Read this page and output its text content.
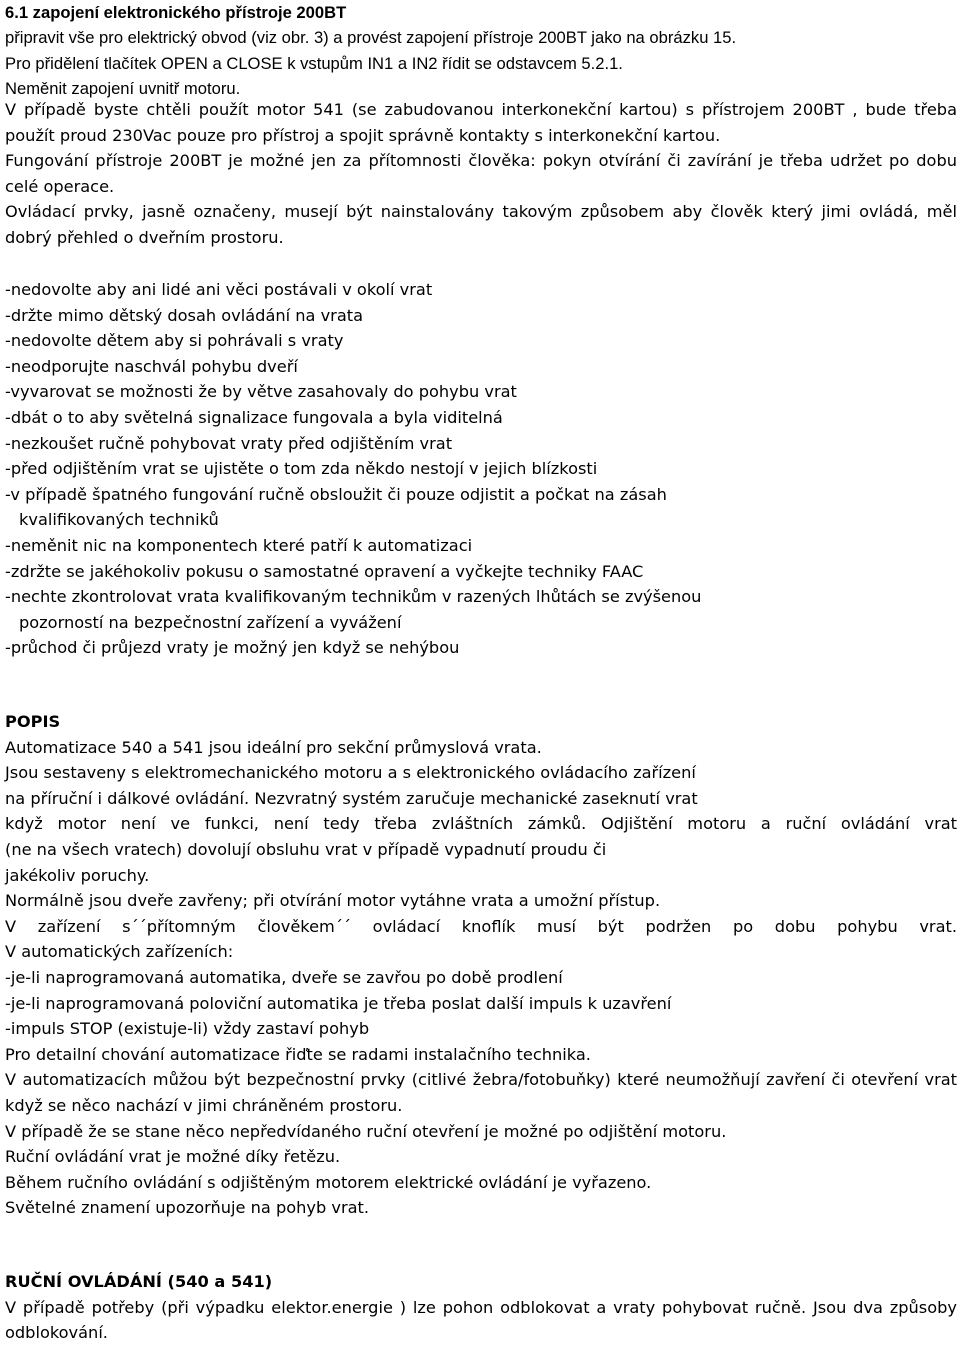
6.1 zapojení elektronického přístroje 200BT
připravit vše pro elektrický obvod (viz obr. 3) a provést zapojení přístroje 200BT jako na obrázku 15.
Pro přidělení tlačítek OPEN a CLOSE k vstupům IN1 a IN2 řídit se odstavcem 5.2.1.
Neměnit zapojení uvnitř motoru.
V případě byste chtěli použít motor 541 (se zabudovanou interkonekční kartou) s přístrojem 200BT , bude třeba použít proud 230Vac pouze pro přístroj a spojit správně kontakty s interkonekční kartou.
Fungování přístroje 200BT je možné jen za přítomnosti člověka: pokyn otvírání či zavírání je třeba udržet po dobu celé operace.
Ovládací prvky, jasně označeny, musejí být nainstalovány takovým způsobem aby člověk který jimi ovládá, měl dobrý přehled o dveřním prostoru.
-nedovolte aby ani lidé ani věci postávali v okolí vrat
-držte mimo dětský dosah ovládání na vrata
-nedovolte dětem aby si pohrávali s vraty
-neodporujte naschvál pohybu dveří
-vyvarovat se možnosti že by větve zasahovaly do pohybu vrat
-dbát o to aby světelná signalizace fungovala a byla viditelná
-nezkoušet ručně pohybovat vraty před odjištěním vrat
-před odjištěním vrat se ujistěte o tom zda někdo nestojí v jejich blízkosti
-v případě špatného fungování ručně obsloužit či pouze odjistit a počkat na zásah
kvalifikovaných techniků
-neměnit nic na komponentech které patří k automatizaci
-zdržte se jakéhokoliv pokusu o samostatné opravení a vyčkejte techniky FAAC
-nechte zkontrolovat vrata kvalifikovaným technikům v razených lhůtách se zvýšenou
pozorností na bezpečnostní zařízení a vyvážení
-průchod či průjezd vraty je možný jen když se nehýbou
POPIS
Automatizace 540 a 541 jsou ideální pro sekční průmyslová vrata.
Jsou sestaveny s elektromechanického motoru a s elektronického ovládacího zařízení
na příruční i dálkové ovládání. Nezvratný systém zaručuje mechanické zaseknutí vrat
když motor není ve funkci, není tedy třeba zvláštních zámků. Odjištění motoru a ruční ovládání vrat
(ne na všech vratech) dovolují obsluhu vrat v případě vypadnutí proudu či
jakékoliv poruchy.
Normálně jsou dveře zavřeny; při otvírání motor vytáhne vrata a umožní přístup.
V zařízení s´´přítomným člověkem´´ ovládací knoflík musí být podržen po dobu pohybu vrat.
V automatických zařízeních:
-je-li naprogramovaná automatika, dveře se zavřou po době prodlení
-je-li naprogramovaná poloviční automatika je třeba poslat další impuls k uzavření
-impuls STOP (existuje-li) vždy zastaví pohyb
Pro detailní chování automatizace řiďte se radami instalačního technika.
V automatizacích můžou být bezpečnostní prvky (citlivé žebra/fotobuňky) které neumožňují zavření či otevření vrat když se něco nachází v jimi chráněném prostoru.
V případě že se stane něco nepředvídaného ruční otevření je možné po odjištění motoru.
Ruční ovládání vrat je možné díky řetězu.
Během ručního ovládání s odjištěným motorem elektrické ovládání je vyřazeno.
Světelné znamení upozorňuje na pohyb vrat.
RUČNÍ OVLÁDÁNÍ (540 a 541)
V případě potřeby (při výpadku elektor.energie ) lze pohon odblokovat a vraty pohybovat ručně. Jsou dva způsoby odblokování.
